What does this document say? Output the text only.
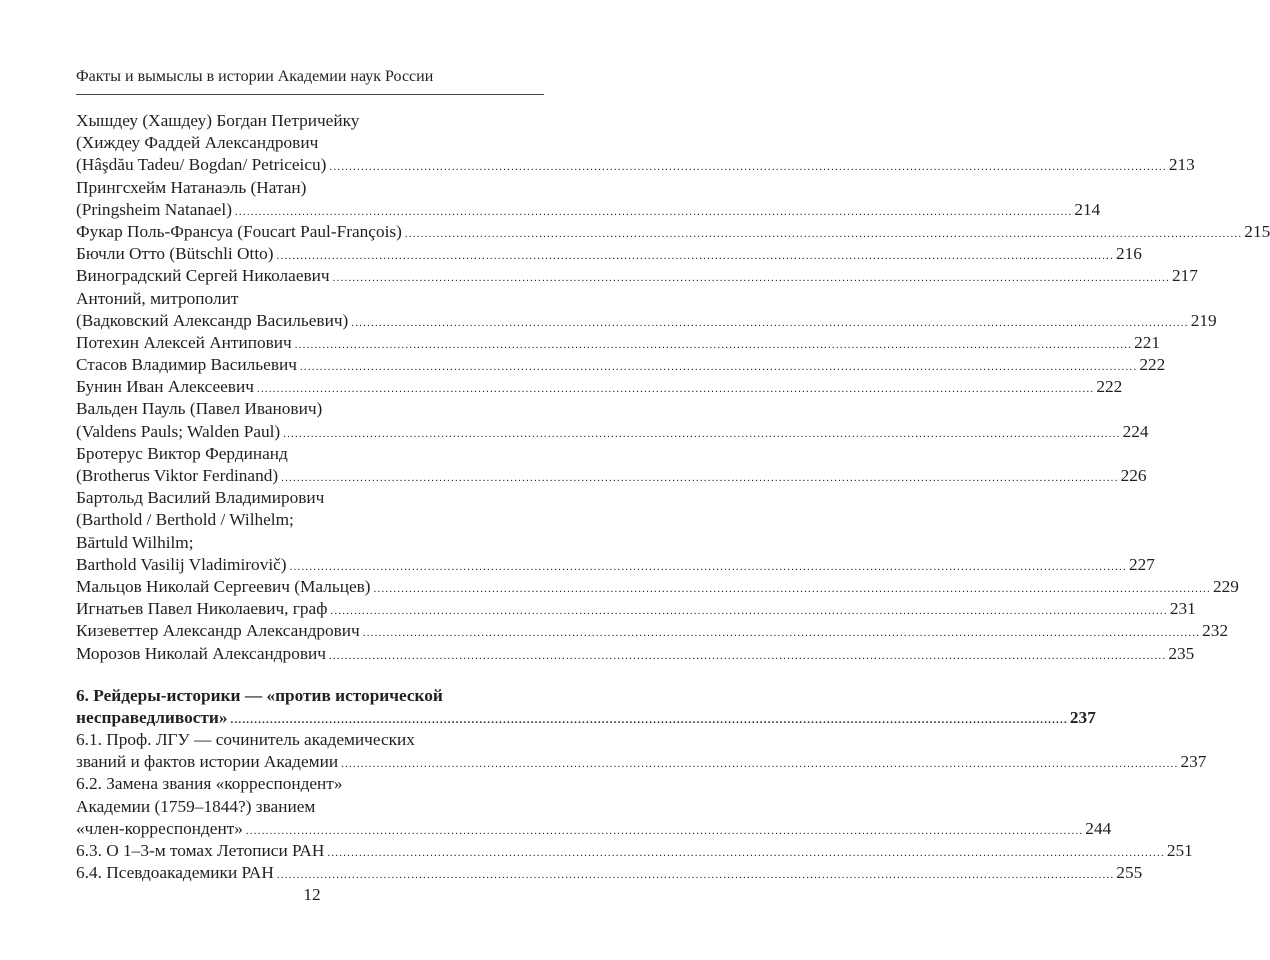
Факты и вымыслы в истории Академии наук России
Хышдеу (Хашдеу) Богдан Петричейку
(Хиждеу Фаддей Александрович
(Hâşdău Tadeu/ Bogdan/ Petriceicu) .....	213
Прингсхейм Натанаэль (Натан)
(Pringsheim Natanael) .....	214
Фукар Поль-Франсуа (Foucart Paul-François) .....	215
Бючли Отто (Bütschli Otto) .....	216
Виноградский Сергей Николаевич .....	217
Антоний, митрополит
(Вадковский Александр Васильевич) .....	219
Потехин Алексей Антипович .....	221
Стасов Владимир Васильевич .....	222
Бунин Иван Алексеевич .....	222
Вальден Пауль (Павел Иванович)
(Valdens Pauls; Walden Paul) .....	224
Бротерус Виктор Фердинанд
(Brotherus Viktor Ferdinand) .....	226
Бартольд Василий Владимирович
(Barthold / Berthold / Wilhelm;
Bārtuld Wilhilm;
Barthold Vasilij Vladimirovič) .....	227
Мальцов Николай Сергеевич (Мальцев) .....	229
Игнатьев Павел Николаевич, граф .....	231
Кизеветтер Александр Александрович .....	232
Морозов Николай Александрович .....	235
6. Рейдеры-историки — «против исторической
несправедливости» .....	237
6.1. Проф. ЛГУ — сочинитель академических
званий и фактов истории Академии .....	237
6.2. Замена звания «корреспондент»
Академии (1759–1844?) званием
«член-корреспондент» .....	244
6.3. О 1–3-м томах Летописи РАН .....	251
6.4. Псевдоакадемики РАН .....	255
12
